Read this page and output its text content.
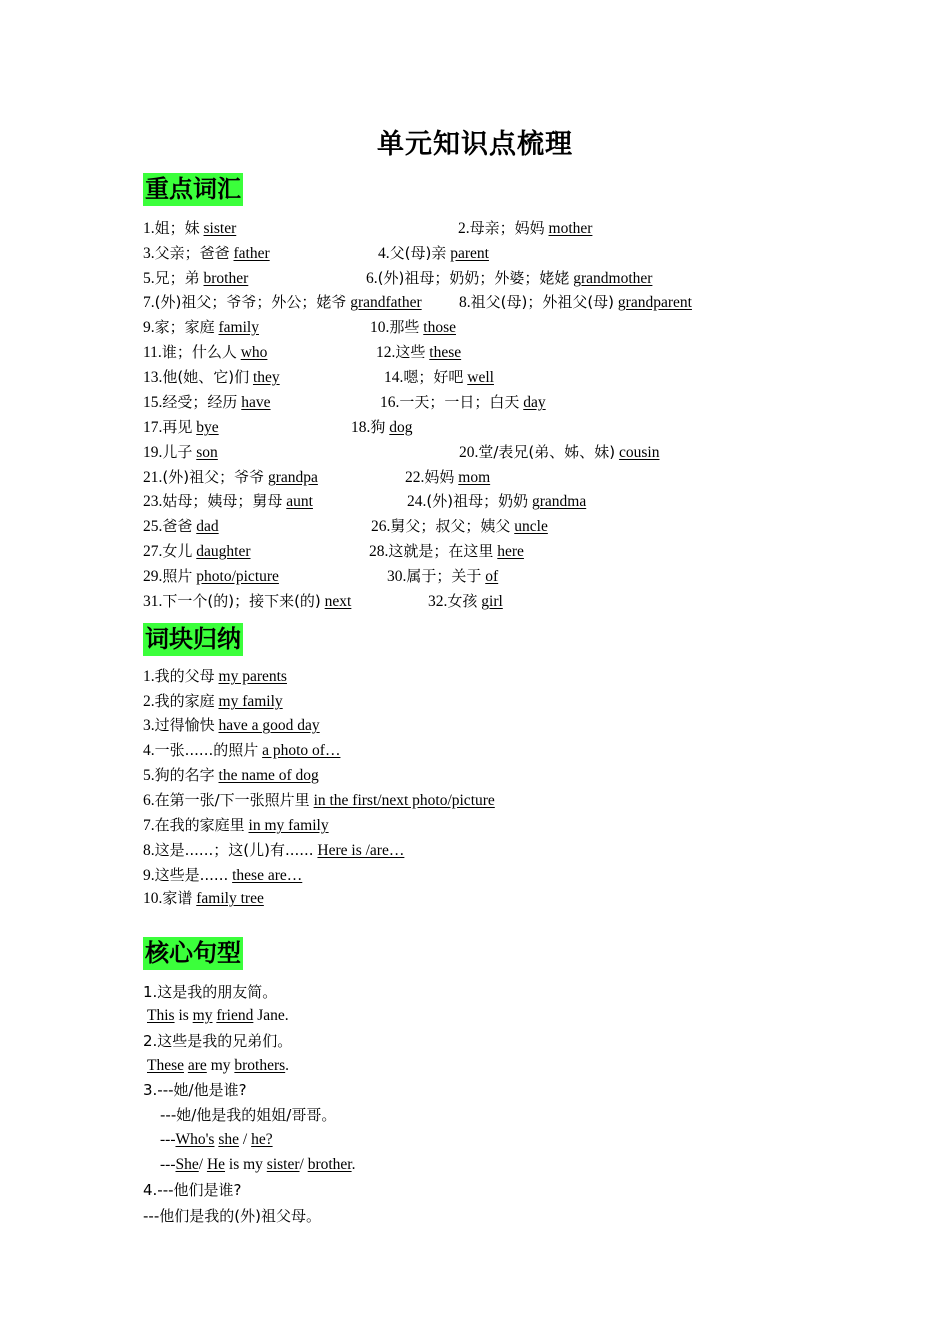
单元知识点梳理
重点词汇
1.姐；妹 sister	2.母亲；妈妈 mother
3.父亲；爸爸 father	4.父(母)亲 parent
5.兄；弟 brother	6.(外)祖母；奶奶；外婆；姥姥 grandmother
7.(外)祖父；爷爷；外公；姥爷 grandfather 8.祖父(母)；外祖父(母) grandparent
9.家；家庭 family	10.那些 those
11.谁；什么人 who	12.这些 these
13.他(她、它)们 they	14.嗯；好吧 well
15.经受；经历 have	16.一天；一日；白天 day
17.再见 bye	18.狗 dog
19.儿子 son	20.堂/表兄(弟、姊、妹) cousin
21.(外)祖父；爷爷 grandpa	22.妈妈 mom
23.姑母；姨母；舅母 aunt	24.(外)祖母；奶奶 grandma
25.爸爸 dad	26.舅父；叔父；姨父 uncle
27.女儿 daughter	28.这就是；在这里 here
29.照片 photo/picture	30.属于；关于 of
31.下一个(的)；接下来(的) next	32.女孩 girl
词块归纳
1.我的父母 my parents
2.我的家庭 my family
3.过得愉快 have a good day
4.一张......的照片 a photo of…
5.狗的名字 the name of dog
6.在第一张/下一张照片里 in the first/next photo/picture
7.在我的家庭里 in my family
8.这是......；这(儿)有...... Here is /are…
9.这些是...... these are…
10.家谱 family tree
核心句型
1.这是我的朋友简。
This is my friend Jane.
2.这些是我的兄弟们。
These are my brothers.
3.---她/他是谁?
---她/他是我的姐姐/哥哥。
---Who's she / he?
---She/ He is my sister/ brother.
4.---他们是谁?
---他们是我的(外)祖父母。
